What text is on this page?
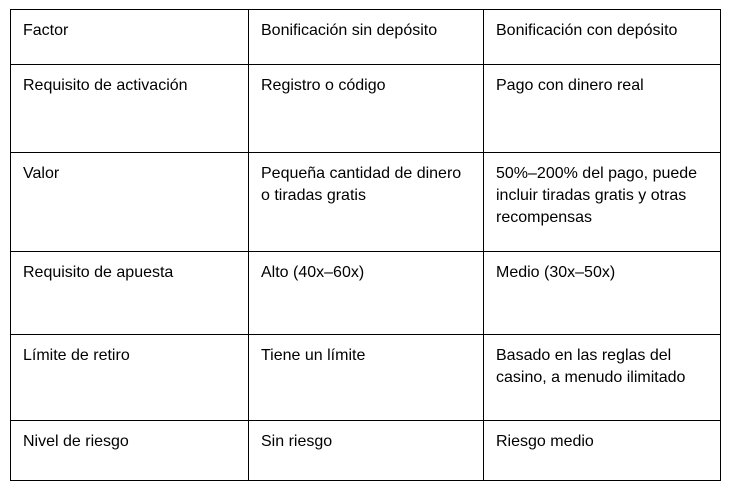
Factor	Bonificación sin depósito	Bonificación con depósito
Requisito de activación	Registro o código	Pago con dinero real
Valor	Pequeña cantidad de dinero o tiradas gratis	50%–200% del pago, puede incluir tiradas gratis y otras recompensas
Requisito de apuesta	Alto (40x–60x)	Medio (30x–50x)
Límite de retiro	Tiene un límite	Basado en las reglas del casino, a menudo ilimitado
Nivel de riesgo	Sin riesgo	Riesgo medio
